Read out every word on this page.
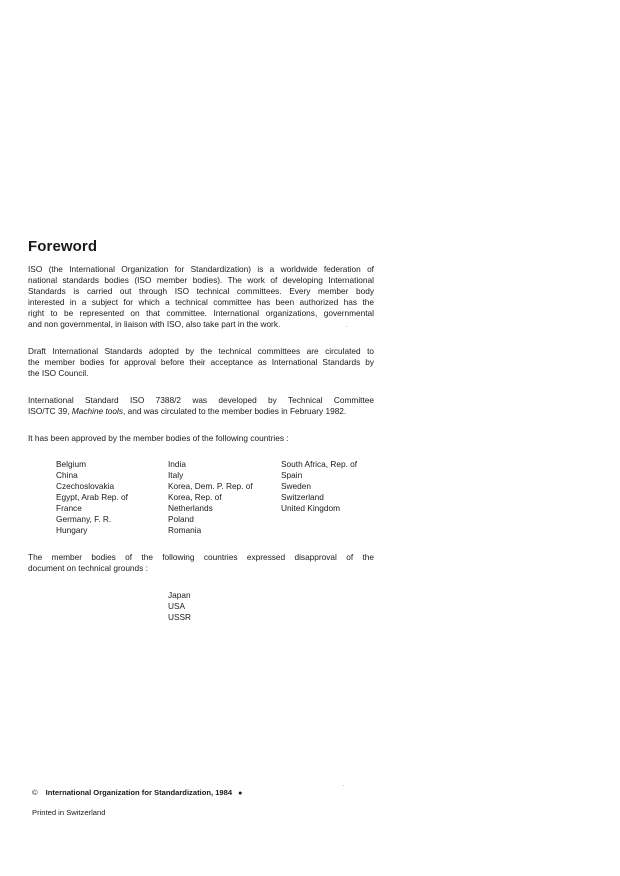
Foreword

ISO (the International Organization for Standardization) is a worldwide federation of
national standards bodies (ISO member bodies). The work of developing International
Standards is carried out through ISO technical committees. Every member body
interested in a subject for which a technical committee has been authorized has the
right to be represented on that committee. International organizations, governmental
and non governmental, in liaison with ISO, also take part in the work.

Draft International Standards adopted by the technical committees are circulated to
the member bodies for approval before their acceptance as International Standards by
the ISO Council.

International Standard ISO 7388/2 was developed by Technical Committee
ISO/TC 39, Machine tools, and was circulated to the member bodies in February 1982.

It has been approved by the member bodies of the following countries :

Belgium
China
Czechoslovakia
Egypt, Arab Rep. of
France
Germany, F. R.
Hungary
India
Italy
Korea, Dem. P. Rep. of
Korea, Rep. of
Netherlands
Poland
Romania
South Africa, Rep. of
Spain
Sweden
Switzerland
United Kingdom

The member bodies of the following countries expressed disapproval of the
document on technical grounds :

Japan
USA
USSR
© International Organization for Standardization, 1984 ●
Printed in Switzerland
